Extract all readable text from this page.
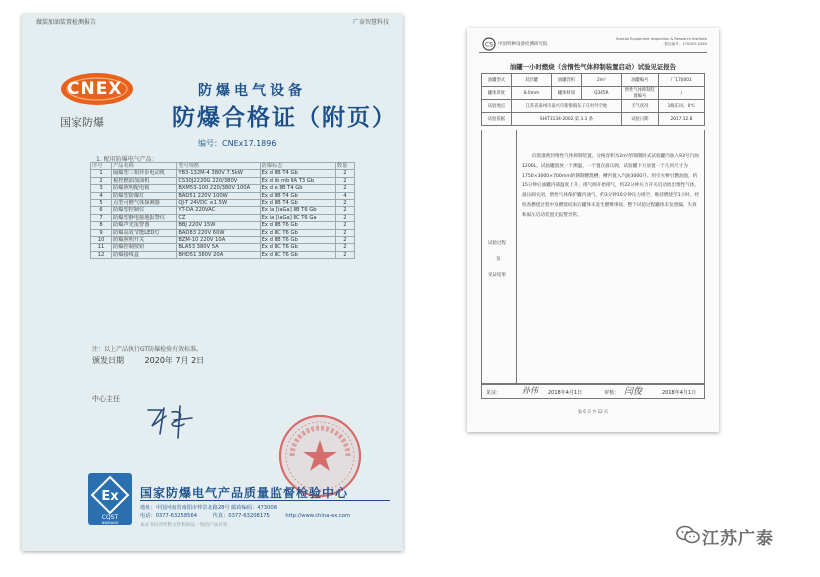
做装加油装置检测报告	广泰智慧科技
CNEX
国家防爆
防爆电气设备
防爆合格证（附页）
编号：CNEx17.1896
1. 配用防爆电气产品：
序号	产品名称	型号规格	防爆标志	数量
1	隔爆型三相异步电动机	YB3-132M-4 380V 7.5kW	Ex d ⅡB T4 Gb	2
2	税控燃油加油机	CS30J2220G 220/380V	Ex d ib mb ⅡA T3 Gb	2
3	防爆照明配电箱	BXM53-100 220/380V 100A	Ex d e ⅡB T4 Gb	2
4	防爆型防爆灯	BAD51 220V 100W	Ex d ⅡB T4 Gb	4
5	点型可燃气体探测器	QJ-T 24VDC ≤1.5W	Ex d ⅡB T4 Gb	2
6	防爆型控制仪	YT-DA 220VAC	Ex ia [iaGa] ⅡB T6 Gb	2
7	防爆型静电接地报警仪	CZ	Ex ia [iaGa] ⅡC T6 Ga	2
8	防爆声光报警器	BBJ 220V 15W	Ex d ⅡB T6 Gb	2
9	防爆高效节能LED灯	BAD83 220V 60W	Ex d ⅡC T6 Gb	2
10	防爆照明开关	BZM-10 220V 10A	Ex d ⅡB T6 Gb	2
11	防爆控制按钮	BLA53 380V 5A	Ex d ⅡC T6 Gb	2
12	防爆接线盒	BHD51 380V 20A	Ex d ⅡC T6 Gb	2
注：以上产品执行GT防爆检验有效标准。
颁发日期	2020年 7月 2日
中心主任
Ex
CQST
NANYANG
国家防爆电气产品质量监督检验中心
地址：中国河南省南阳市仲景北路28号 邮政编码：473008
电话：0377-63258564	传真：0377-63208175	http://www.china-ex.com
本证书仅对所附文件和样品一致的产品有效
CS 中国特种设备检测研究院
Special Equipment Inspection & Research Institute
报告编号：17SG03-0265
油罐一小时燃烧（含惰性气体抑制装置启动）试验见证报告
油罐型式	双层罐	油罐容积	2m³	油罐编号	厂170001
罐体厚度	8.0mm	罐体材质	Q345R	惰性气体抑制装置编号	/
试验地点	江苏省泰州市泰兴市新街镇东子庄村外空地			天气状况	1级东风，0℃
试验依据	SH/T3134-2002 第 3.3 条			试验日期	2017.12.8
试验过程
及
见证结果
向黑漆密封惰性气体抑制装置、分格容积为2m³的钢制卧式试验罐内加入93号汽油1200L，试验罐置放一个测温，一个置在溢压阀，试验罐下方放置一个几何尺寸为1750×3000×700mm的钢制燃烧槽，槽内置入汽油3000升。用引火棒引燃油池，约15分钟后油罐内部温度上升，排气阀开始排气，约22分钟压力开关启动放出惰性气体，溢压阀关闭，惰性气体保护罐内油气，约3分钟10分钟压力排空，维持燃烧至1小时。经检查燃烧过程中及燃烧结束后罐体未发生燃爆事故。整个试验过程罐体未发泄漏、失效和溢压启动装置无报警异常。
见证：	孙伟 2018年4月1日	审核： 闫俊	2018年4月1日
第 6 页 共 12 页
江苏广泰
